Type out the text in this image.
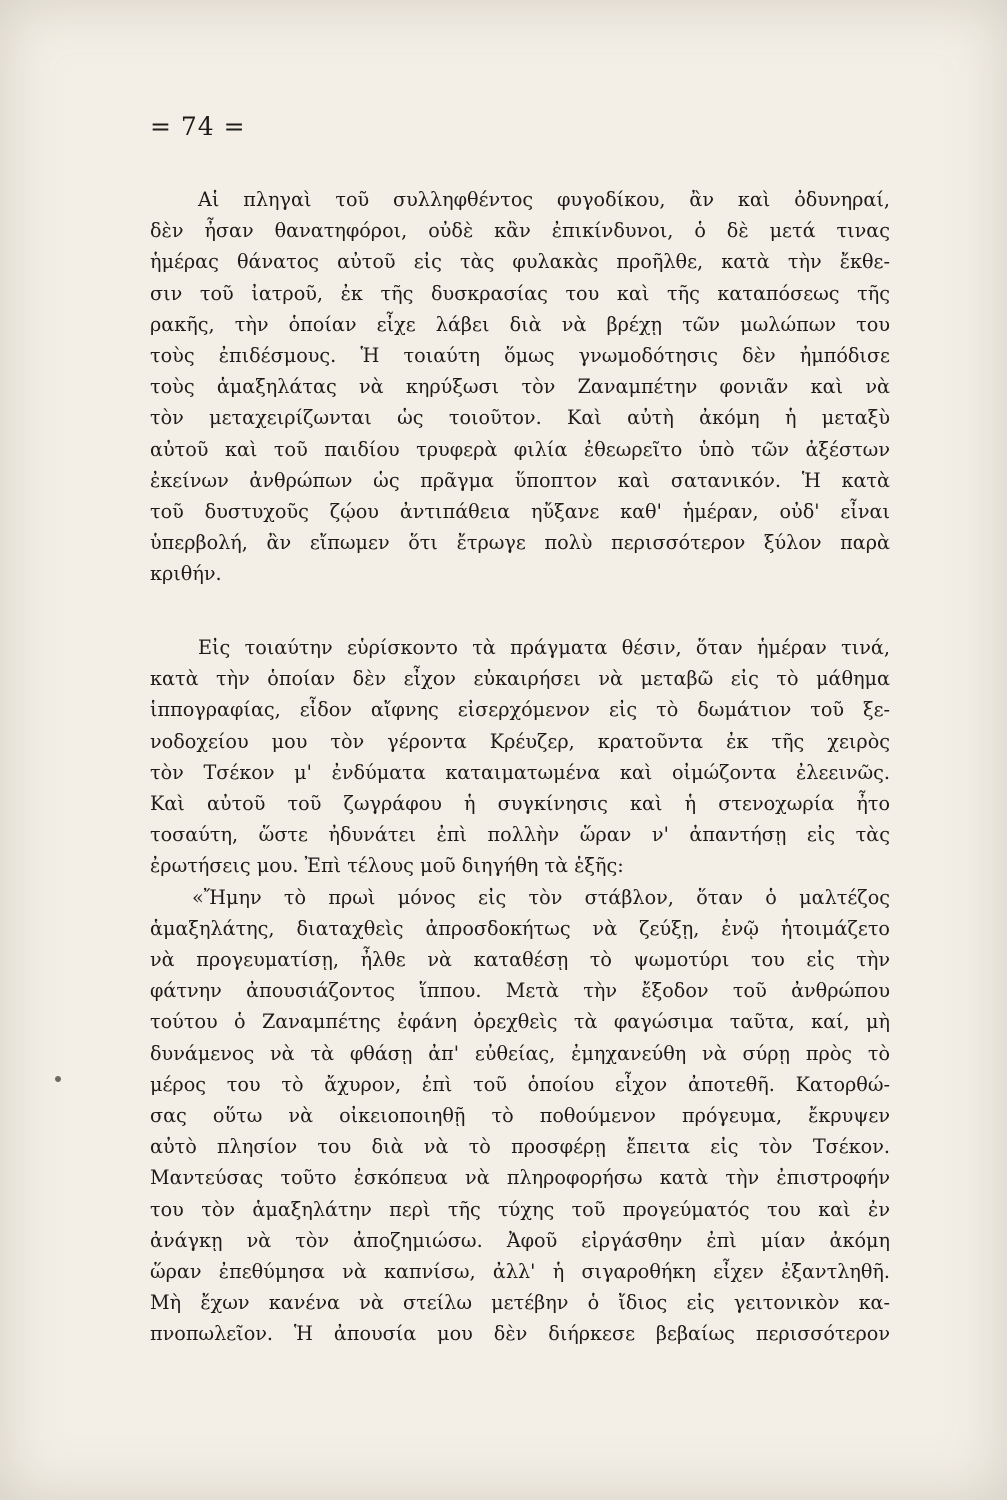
= 74 =
Αἱ πληγαὶ τοῦ συλληφθέντος φυγοδίκου, ἂν καὶ ὀδυνηραί,
δὲν ἦσαν θανατηφόροι, οὐδὲ κἂν ἐπικίνδυνοι, ὁ δὲ μετά τινας
ἡμέρας θάνατος αὐτοῦ εἰς τὰς φυλακὰς προῆλθε, κατὰ τὴν ἔκθε-
σιν τοῦ ἰατροῦ, ἐκ τῆς δυσκρασίας του καὶ τῆς καταπόσεως τῆς
ρακῆς, τὴν ὁποίαν εἶχε λάβει διὰ νὰ βρέχῃ τῶν μωλώπων του
τοὺς ἐπιδέσμους. Ἡ τοιαύτη ὅμως γνωμοδότησις δὲν ἠμπόδισε
τοὺς ἁμαξηλάτας νὰ κηρύξωσι τὸν Ζαναμπέτην φονιᾶν καὶ νὰ
τὸν μεταχειρίζωνται ὡς τοιοῦτον. Καὶ αὐτὴ ἀκόμη ἡ μεταξὺ
αὐτοῦ καὶ τοῦ παιδίου τρυφερὰ φιλία ἐθεωρεῖτο ὑπὸ τῶν ἀξέστων
ἐκείνων ἀνθρώπων ὡς πρᾶγμα ὕποπτον καὶ σατανικόν. Ἡ κατὰ
τοῦ δυστυχοῦς ζῴου ἀντιπάθεια ηὔξανε καθ' ἡμέραν, οὐδ' εἶναι
ὑπερβολή, ἂν εἴπωμεν ὅτι ἔτρωγε πολὺ περισσότερον ξύλον παρὰ
κριθήν.
Εἰς τοιαύτην εὑρίσκοντο τὰ πράγματα θέσιν, ὅταν ἡμέραν τινά,
κατὰ τὴν ὁποίαν δὲν εἶχον εὐκαιρήσει νὰ μεταβῶ εἰς τὸ μάθημα
ἱππογραφίας, εἶδον αἴφνης εἰσερχόμενον εἰς τὸ δωμάτιον τοῦ ξε-
νοδοχείου μου τὸν γέροντα Κρέυζερ, κρατοῦντα ἐκ τῆς χειρὸς
τὸν Τσέκον μ' ἐνδύματα καταιματωμένα καὶ οἰμώζοντα ἐλεεινῶς.
Καὶ αὐτοῦ τοῦ ζωγράφου ἡ συγκίνησις καὶ ἡ στενοχωρία ἦτο
τοσαύτη, ὥστε ἠδυνάτει ἐπὶ πολλὴν ὥραν ν' ἀπαντήσῃ εἰς τὰς
ἐρωτήσεις μου. Ἐπὶ τέλους μοῦ διηγήθη τὰ ἑξῆς:
«Ἤμην τὸ πρωὶ μόνος εἰς τὸν στάβλον, ὅταν ὁ μαλτέζος
ἁμαξηλάτης, διαταχθεὶς ἀπροσδοκήτως νὰ ζεύξῃ, ἐνῷ ἡτοιμάζετο
νὰ προγευματίσῃ, ἦλθε νὰ καταθέσῃ τὸ ψωμοτύρι του εἰς τὴν
φάτνην ἀπουσιάζοντος ἵππου. Μετὰ τὴν ἔξοδον τοῦ ἀνθρώπου
τούτου ὁ Ζαναμπέτης ἐφάνη ὀρεχθεὶς τὰ φαγώσιμα ταῦτα, καί, μὴ
δυνάμενος νὰ τὰ φθάσῃ ἀπ' εὐθείας, ἐμηχανεύθη νὰ σύρῃ πρὸς τὸ
μέρος του τὸ ἄχυρον, ἐπὶ τοῦ ὁποίου εἶχον ἀποτεθῆ. Κατορθώ-
σας οὕτω νὰ οἰκειοποιηθῇ τὸ ποθούμενον πρόγευμα, ἔκρυψεν
αὐτὸ πλησίον του διὰ νὰ τὸ προσφέρῃ ἔπειτα εἰς τὸν Τσέκον.
Μαντεύσας τοῦτο ἐσκόπευα νὰ πληροφορήσω κατὰ τὴν ἐπιστροφήν
του τὸν ἁμαξηλάτην περὶ τῆς τύχης τοῦ προγεύματός του καὶ ἐν
ἀνάγκῃ νὰ τὸν ἀποζημιώσω. Ἀφοῦ εἰργάσθην ἐπὶ μίαν ἀκόμη
ὥραν ἐπεθύμησα νὰ καπνίσω, ἀλλ' ἡ σιγαροθήκη εἶχεν ἐξαντληθῆ.
Μὴ ἔχων κανένα νὰ στείλω μετέβην ὁ ἴδιος εἰς γειτονικὸν κα-
πνοπωλεῖον. Ἡ ἀπουσία μου δὲν διήρκεσε βεβαίως περισσότερον
